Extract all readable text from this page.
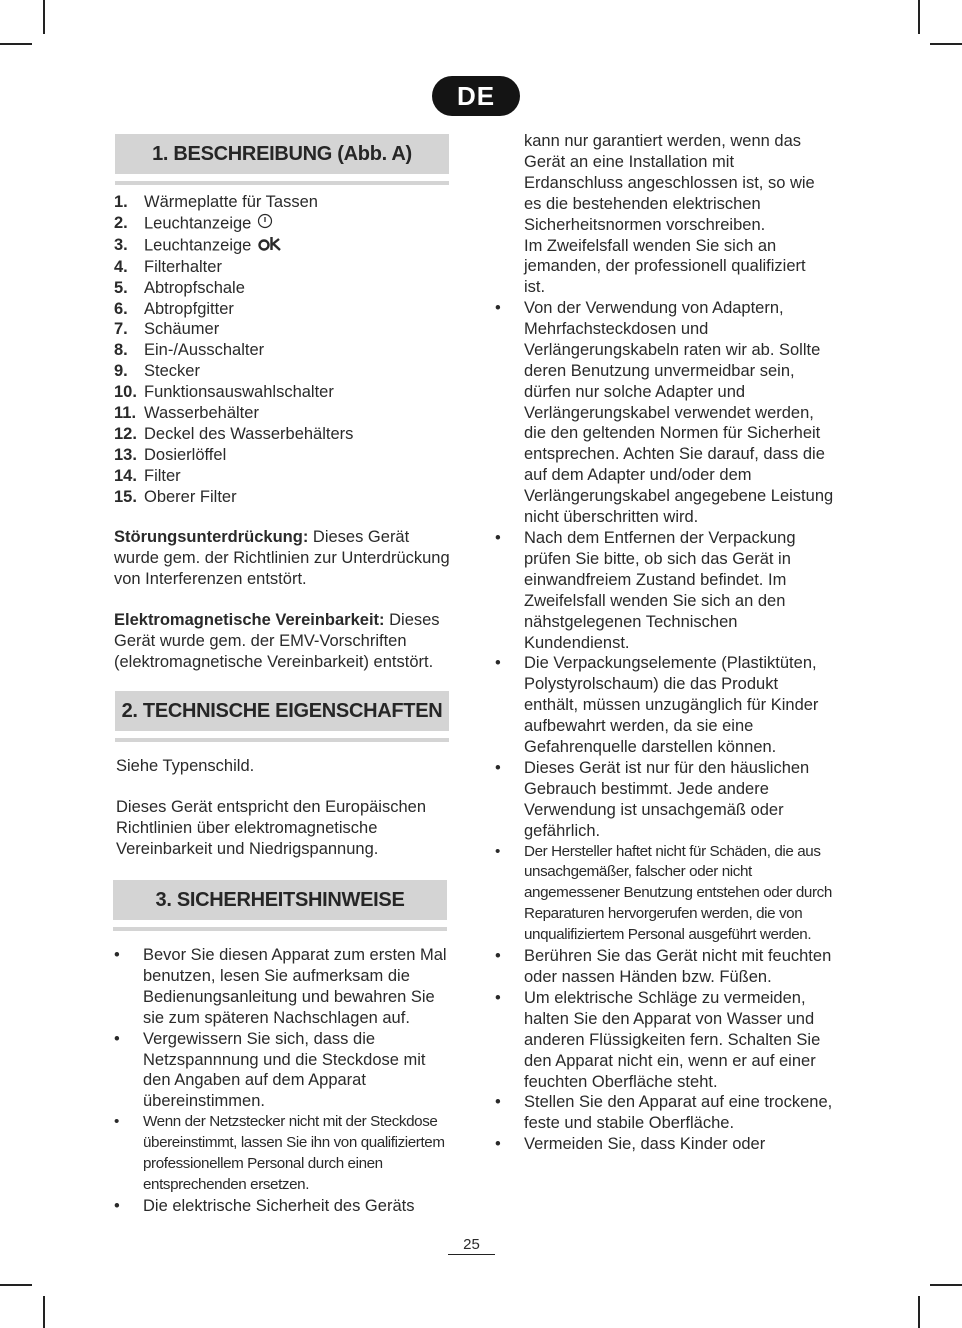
DE
1. BESCHREIBUNG (Abb. A)
1. Wärmeplatte für Tassen
2. Leuchtanzeige
3. Leuchtanzeige
4. Filterhalter
5. Abtropfschale
6. Abtropfgitter
7. Schäumer
8. Ein-/Ausschalter
9. Stecker
10. Funktionsauswahlschalter
11. Wasserbehälter
12. Deckel des Wasserbehälters
13. Dosierlöffel
14. Filter
15. Oberer Filter

Störungsunterdrückung: Dieses Gerät wurde gem. der Richtlinien zur Unterdrückung von Interferenzen entstört.

Elektromagnetische Vereinbarkeit: Dieses Gerät wurde gem. der EMV-Vorschriften (elektromagnetische Vereinbarkeit) entstört.

2. TECHNISCHE EIGENSCHAFTEN
Siehe Typenschild.
Dieses Gerät entspricht den Europäischen Richtlinien über elektromagnetische Vereinbarkeit und Niedrigspannung.
3. SICHERHEITSHINWEISE
• Bevor Sie diesen Apparat zum ersten Mal benutzen, lesen Sie aufmerksam die Bedienungsanleitung und bewahren Sie sie zum späteren Nachschlagen auf.
• Vergewissern Sie sich, dass die Netzspannnung und die Steckdose mit den Angaben auf dem Apparat übereinstimmen.
• Wenn der Netzstecker nicht mit der Steckdose übereinstimmt, lassen Sie ihn von qualifiziertem professionellem Personal durch einen entsprechenden ersetzen.
• Die elektrische Sicherheit des Geräts

kann nur garantiert werden, wenn das Gerät an eine Installation mit Erdanschluss angeschlossen ist, so wie es die bestehenden elektrischen Sicherheitsnormen vorschreiben.

Im Zweifelsfall wenden Sie sich an jemanden, der professionell qualifiziert ist.

• Von der Verwendung von Adaptern, Mehrfachsteckdosen und Verlängerungskabeln raten wir ab. Sollte deren Benutzung unvermeidbar sein, dürfen nur solche Adapter und Verlängerungskabel verwendet werden, die den geltenden Normen für Sicherheit entsprechen. Achten Sie darauf, dass die auf dem Adapter und/oder dem Verlängerungskabel angegebene Leistung nicht überschritten wird.
• Nach dem Entfernen der Verpackung prüfen Sie bitte, ob sich das Gerät in einwandfreiem Zustand befindet. Im Zweifelsfall wenden Sie sich an den nähstgelegenen Technischen Kundendienst.
• Die Verpackungselemente (Plastiktüten, Polystyrolschaum) die das Produkt enthält, müssen unzugänglich für Kinder aufbewahrt werden, da sie eine Gefahrenquelle darstellen können.
• Dieses Gerät ist nur für den häuslichen Gebrauch bestimmt. Jede andere Verwendung ist unsachgemäß oder gefährlich.
• Der Hersteller haftet nicht für Schäden, die aus unsachgemäßer, falscher oder nicht angemessener Benutzung entstehen oder durch Reparaturen hervorgerufen werden, die von unqualifiziertem Personal ausgeführt werden.
• Berühren Sie das Gerät nicht mit feuchten oder nassen Händen bzw. Füßen.
• Um elektrische Schläge zu vermeiden, halten Sie den Apparat von Wasser und anderen Flüssigkeiten fern. Schalten Sie den Apparat nicht ein, wenn er auf einer feuchten Oberfläche steht.
• Stellen Sie den Apparat auf eine trockene, feste und stabile Oberfläche.
• Vermeiden Sie, dass Kinder oder
25
